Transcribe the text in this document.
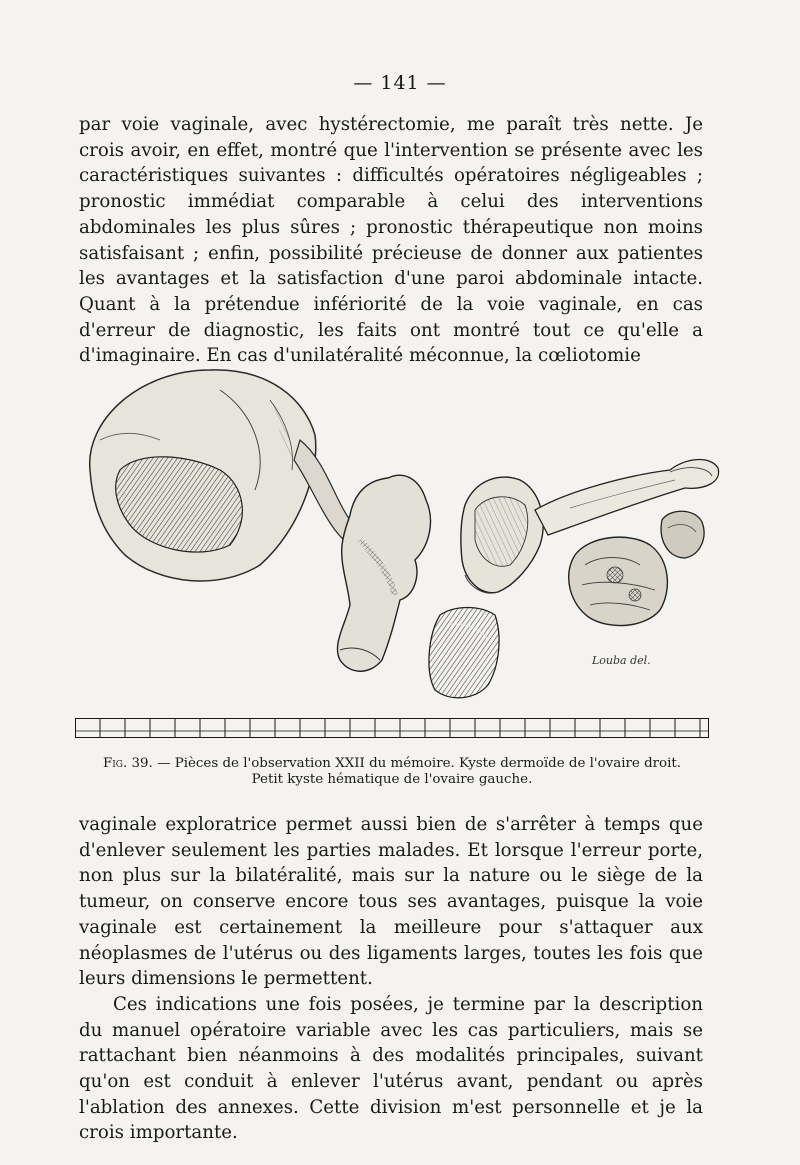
— 141 —
par voie vaginale, avec hystérectomie, me paraît très nette. Je crois avoir, en effet, montré que l'intervention se présente avec les caractéristiques suivantes : difficultés opératoires négligeables ; pronostic immédiat comparable à celui des interventions abdominales les plus sûres ; pronostic thérapeutique non moins satisfaisant ; enfin, possibilité précieuse de donner aux patientes les avantages et la satisfaction d'une paroi abdominale intacte. Quant à la prétendue infériorité de la voie vaginale, en cas d'erreur de diagnostic, les faits ont montré tout ce qu'elle a d'imaginaire. En cas d'unilatéralité méconnue, la cœliotomie
Louba del.
Fig. 39. — Pièces de l'observation XXII du mémoire. Kyste dermoïde de l'ovaire droit.
Petit kyste hématique de l'ovaire gauche.

vaginale exploratrice permet aussi bien de s'arrêter à temps que d'enlever seulement les parties malades. Et lorsque l'erreur porte, non plus sur la bilatéralité, mais sur la nature ou le siège de la tumeur, on conserve encore tous ses avantages, puisque la voie vaginale est certainement la meilleure pour s'attaquer aux néoplasmes de l'utérus ou des ligaments larges, toutes les fois que leurs dimensions le permettent.

Ces indications une fois posées, je termine par la description du manuel opératoire variable avec les cas particuliers, mais se rattachant bien néanmoins à des modalités principales, suivant qu'on est conduit à enlever l'utérus avant, pendant ou après l'ablation des annexes. Cette division m'est personnelle et je la crois importante.
